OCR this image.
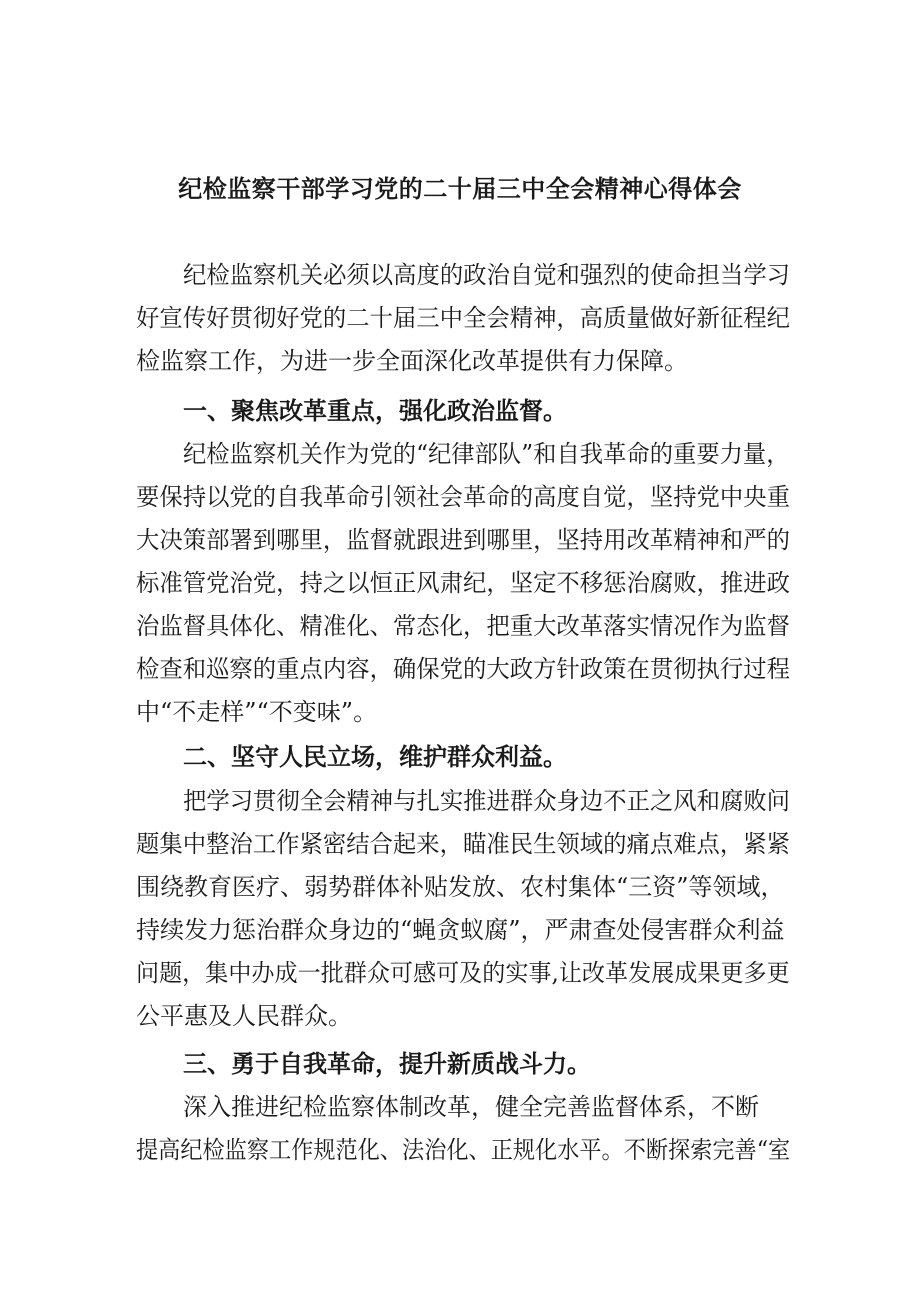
纪检监察干部学习党的二十届三中全会精神心得体会
纪检监察机关必须以高度的政治自觉和强烈的使命担当学习
好宣传好贯彻好党的二十届三中全会精神，高质量做好新征程纪
检监察工作，为进一步全面深化改革提供有力保障。
一、聚焦改革重点，强化政治监督。
纪检监察机关作为党的“纪律部队”和自我革命的重要力量，
要保持以党的自我革命引领社会革命的高度自觉，坚持党中央重
大决策部署到哪里，监督就跟进到哪里，坚持用改革精神和严的
标准管党治党，持之以恒正风肃纪，坚定不移惩治腐败，推进政
治监督具体化、精准化、常态化，把重大改革落实情况作为监督
检查和巡察的重点内容，确保党的大政方针政策在贯彻执行过程
中“不走样”“不变味”。
二、坚守人民立场，维护群众利益。
把学习贯彻全会精神与扎实推进群众身边不正之风和腐败问
题集中整治工作紧密结合起来，瞄准民生领域的痛点难点，紧紧
围绕教育医疗、弱势群体补贴发放、农村集体“三资”等领域，
持续发力惩治群众身边的“蝇贪蚁腐”，严肃查处侵害群众利益
问题，集中办成一批群众可感可及的实事,让改革发展成果更多更
公平惠及人民群众。
三、勇于自我革命，提升新质战斗力。
深入推进纪检监察体制改革，健全完善监督体系，不断
提高纪检监察工作规范化、法治化、正规化水平。不断探索完善“室
